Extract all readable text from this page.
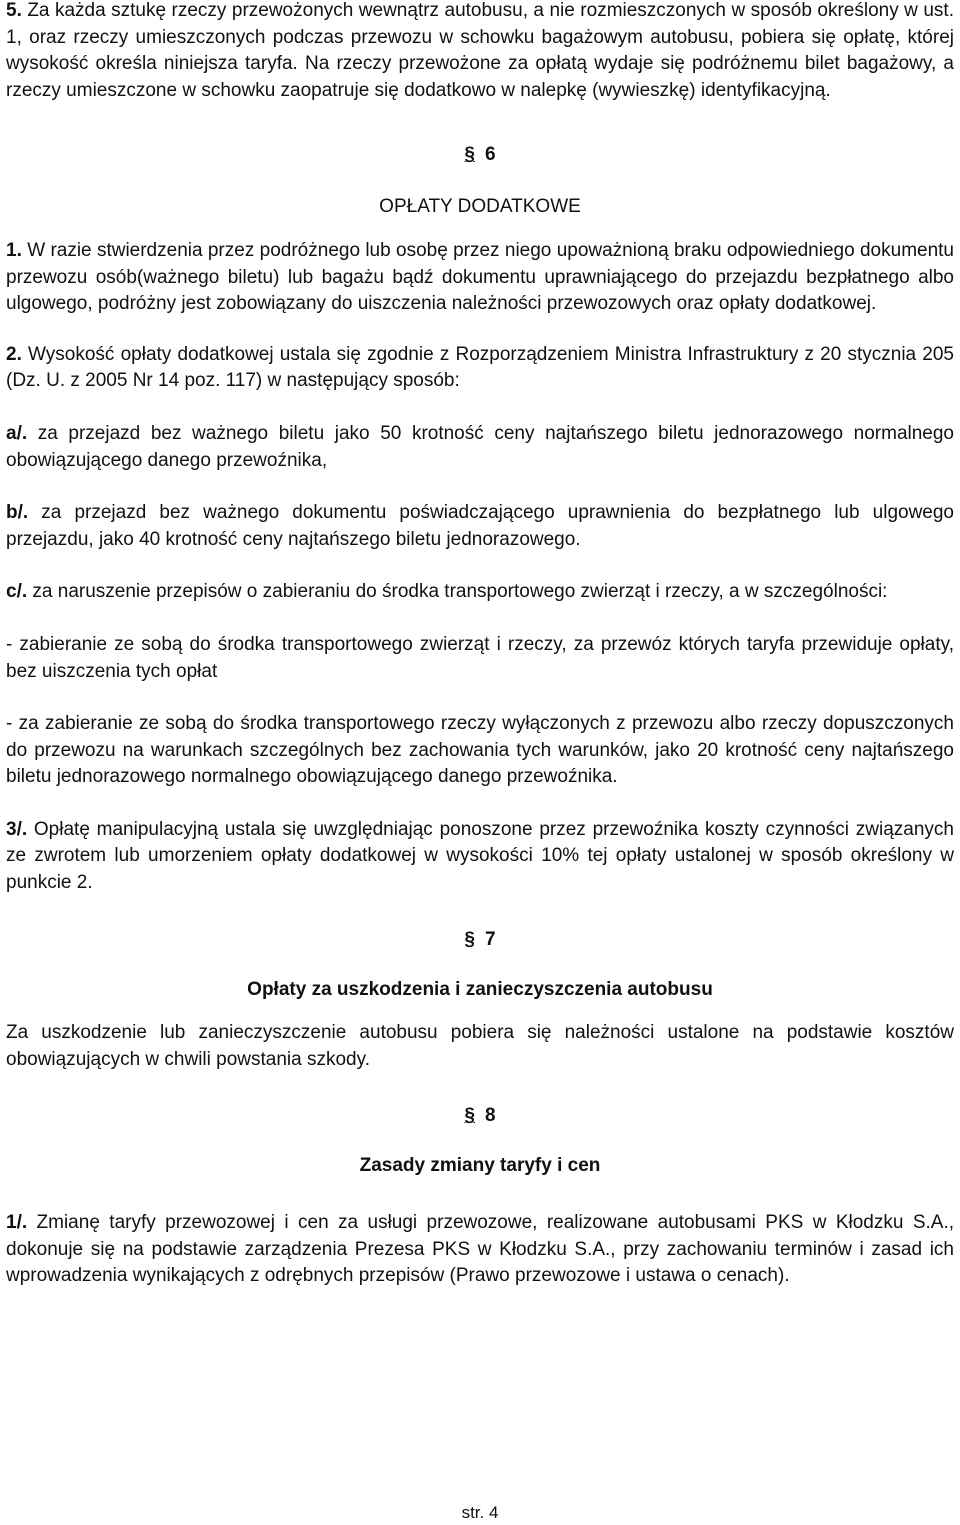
5. Za każda sztukę rzeczy przewożonych wewnątrz autobusu, a nie rozmieszczonych w sposób określony w ust. 1, oraz rzeczy umieszczonych podczas przewozu w schowku bagażowym autobusu, pobiera się opłatę, której wysokość określa niniejsza taryfa. Na rzeczy przewożone za opłatą wydaje się podróżnemu bilet bagażowy, a rzeczy umieszczone w schowku zaopatruje się dodatkowo w nalepkę (wywieszkę) identyfikacyjną.

§ 6

OPŁATY DODATKOWE

1. W razie stwierdzenia przez podróżnego lub osobę przez niego upoważnioną braku odpowiedniego dokumentu przewozu osób(ważnego biletu) lub bagażu bądź dokumentu uprawniającego do przejazdu bezpłatnego albo ulgowego, podróżny jest zobowiązany do uiszczenia należności przewozowych oraz opłaty dodatkowej.

2. Wysokość opłaty dodatkowej ustala się zgodnie z Rozporządzeniem Ministra Infrastruktury z 20 stycznia 205 (Dz. U. z 2005 Nr 14 poz. 117) w następujący sposób:

a/. za przejazd bez ważnego biletu jako 50 krotność ceny najtańszego biletu jednorazowego normalnego obowiązującego danego przewoźnika,

b/. za przejazd bez ważnego dokumentu poświadczającego uprawnienia do bezpłatnego lub ulgowego przejazdu, jako 40 krotność ceny najtańszego biletu jednorazowego.

c/. za naruszenie przepisów o zabieraniu do środka transportowego zwierząt i rzeczy, a w szczególności:

- zabieranie ze sobą do środka transportowego zwierząt i rzeczy, za przewóz których taryfa przewiduje opłaty, bez uiszczenia tych opłat

- za zabieranie ze sobą do środka transportowego rzeczy wyłączonych z przewozu albo rzeczy dopuszczonych do przewozu na warunkach szczególnych bez zachowania tych warunków, jako 20 krotność ceny najtańszego biletu jednorazowego normalnego obowiązującego danego przewoźnika.

3/. Opłatę manipulacyjną ustala się uwzględniając ponoszone przez przewoźnika koszty czynności związanych ze zwrotem lub umorzeniem opłaty dodatkowej w wysokości 10% tej opłaty ustalonej w sposób określony w punkcie 2.

§ 7

Opłaty za uszkodzenia i zanieczyszczenia autobusu

Za uszkodzenie lub zanieczyszczenie autobusu pobiera się należności ustalone na podstawie kosztów obowiązujących w chwili powstania szkody.

§ 8

Zasady zmiany taryfy i cen

1/. Zmianę taryfy przewozowej i cen za usługi przewozowe, realizowane autobusami PKS w Kłodzku S.A., dokonuje się na podstawie zarządzenia Prezesa PKS w Kłodzku S.A., przy zachowaniu terminów i zasad ich wprowadzenia wynikających z odrębnych przepisów (Prawo przewozowe i ustawa o cenach).

str. 4
